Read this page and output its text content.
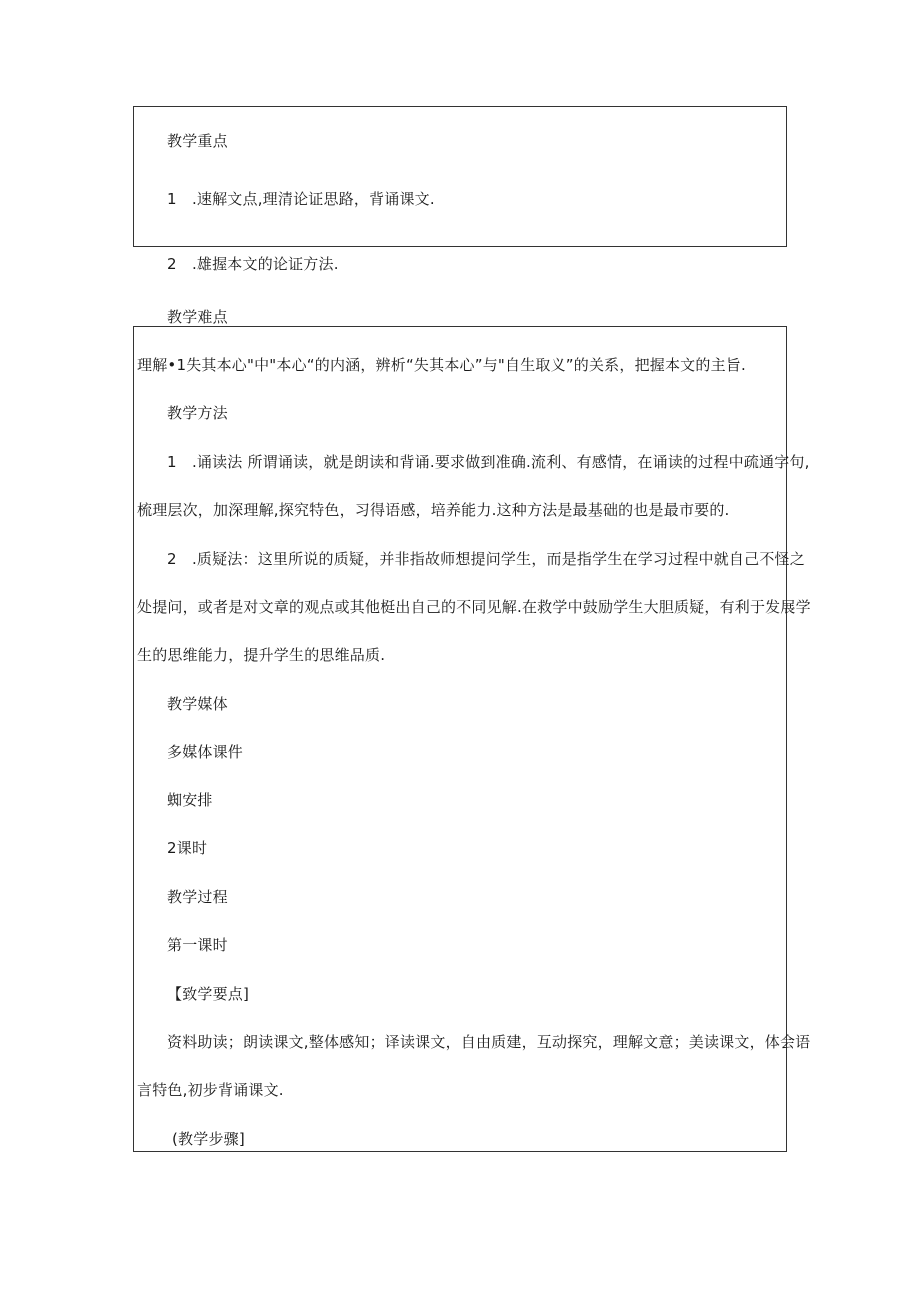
教学重点
1　.速解文点,理清论证思路，背诵课文.
2　.雄握本文的论证方法.
教学难点
理解•1失其本心"中"本心“的内涵，辨析“失其本心”与"自生取义”的关系，把握本文的主旨.
教学方法
1　.诵读法 所谓诵读，就是朗读和背诵.要求做到准确.流利、有感情，在诵读的过程中疏通字句,
梳理层次，加深理解,探究特色，习得语感，培养能力.这种方法是最基础的也是最市要的.
2　.质疑法：这里所说的质疑，并非指故师想提问学生，而是指学生在学习过程中就自己不怪之
处提问，或者是对文章的观点或其他梃出自己的不同见解.在救学中鼓励学生大胆质疑，有利于发展学
生的思维能力，提升学生的思维品质.
教学媒体
多媒体课件
蜘安排
2课时
教学过程
第一课时
【致学要点]
资料助读；朗读课文,整体感知；译读课文，自由质建，互动探究，理解文意；美读课文，体会语
言特色,初步背诵课文.
(教学步骤]
